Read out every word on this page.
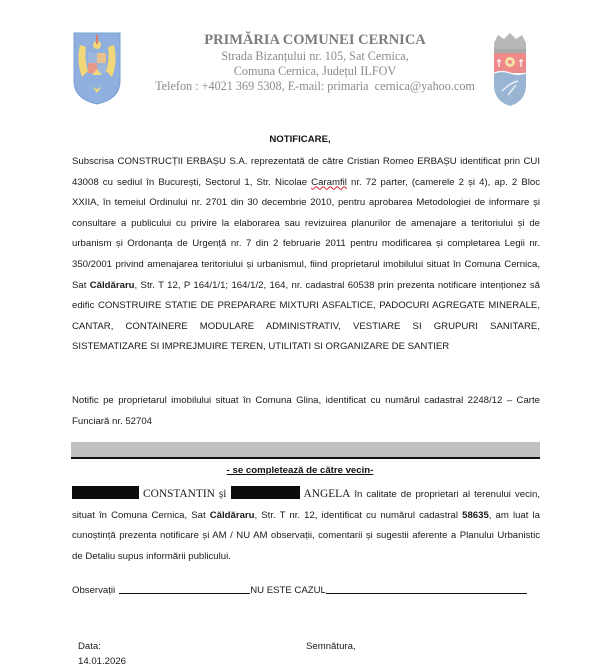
PRIMĂRIA COMUNEI CERNICA
Strada Bizanțului nr. 105, Sat Cernica,
Comuna Cernica, Județul ILFOV
Telefon : +4021 369 5308, E-mail: primaria  cernica@yahoo.com
NOTIFICARE,
Subscrisa CONSTRUCȚII ERBAȘU S.A. reprezentată de către Cristian Romeo ERBAȘU identificat prin CUI 43008 cu sediul în București, Sectorul 1, Str. Nicolae Caramfil nr. 72 parter, (camerele 2 și 4), ap. 2 Bloc XXIIA, în temeiul Ordinului nr. 2701 din 30 decembrie 2010, pentru aprobarea Metodologiei de informare și consultare a publicului cu privire la elaborarea sau revizuirea planurilor de amenajare a teritoriului și de urbanism și Ordonanța de Urgență nr. 7 din 2 februarie 2011 pentru modificarea și completarea Legii nr. 350/2001 privind amenajarea teritoriului și urbanismul, fiind proprietarul imobilului situat în Comuna Cernica, Sat Căldăraru, Str. T 12, P 164/1/1; 164/1/2, 164, nr. cadastral 60538 prin prezenta notificare intenționez să edific CONSTRUIRE STATIE DE PREPARARE MIXTURI ASFALTICE, PADOCURI AGREGATE MINERALE, CANTAR, CONTAINERE MODULARE ADMINISTRATIV, VESTIARE SI GRUPURI SANITARE, SISTEMATIZARE SI IMPREJMUIRE TEREN, UTILITATI SI ORGANIZARE DE SANTIER
Notific pe proprietarul imobilului situat în Comuna Glina, identificat cu numărul cadastral 2248/12 – Carte Funciară nr. 52704
- se completează de către vecin-
CONSTANTIN și	ANGELA în calitate de proprietari al terenului vecin, situat în Comuna Cernica, Sat Căldăraru, Str. T nr. 12, identificat cu numărul cadastral 58635, am luat la cunoștință prezenta notificare și AM / NU AM observații, comentarii și sugestii aferente a Planului Urbanistic de Detaliu supus informării publicului.
Observații	NU ESTE CAZUL
Data:
14.01.2026
Semnătura,
